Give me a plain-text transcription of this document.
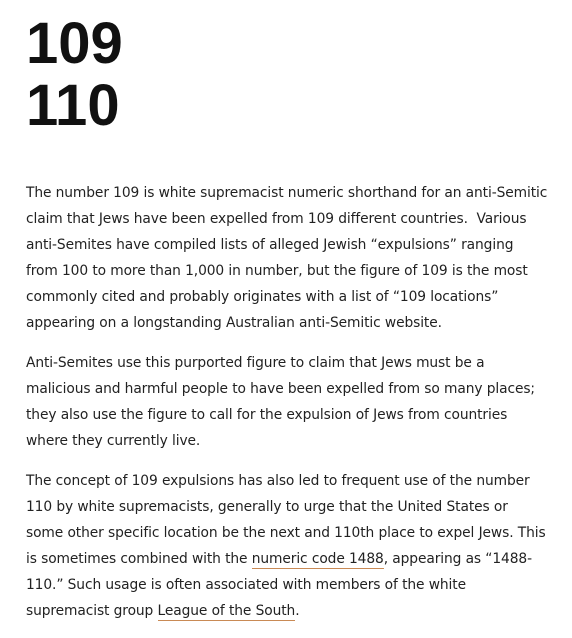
109
110

The number 109 is white supremacist numeric shorthand for an anti-Semitic claim that Jews have been expelled from 109 different countries.  Various anti-Semites have compiled lists of alleged Jewish “expulsions” ranging from 100 to more than 1,000 in number, but the figure of 109 is the most commonly cited and probably originates with a list of “109 locations” appearing on a longstanding Australian anti-Semitic website.

Anti-Semites use this purported figure to claim that Jews must be a malicious and harmful people to have been expelled from so many places; they also use the figure to call for the expulsion of Jews from countries where they currently live.

The concept of 109 expulsions has also led to frequent use of the number 110 by white supremacists, generally to urge that the United States or some other specific location be the next and 110th place to expel Jews. This is sometimes combined with the numeric code 1488, appearing as “1488-110.” Such usage is often associated with members of the white supremacist group League of the South.
